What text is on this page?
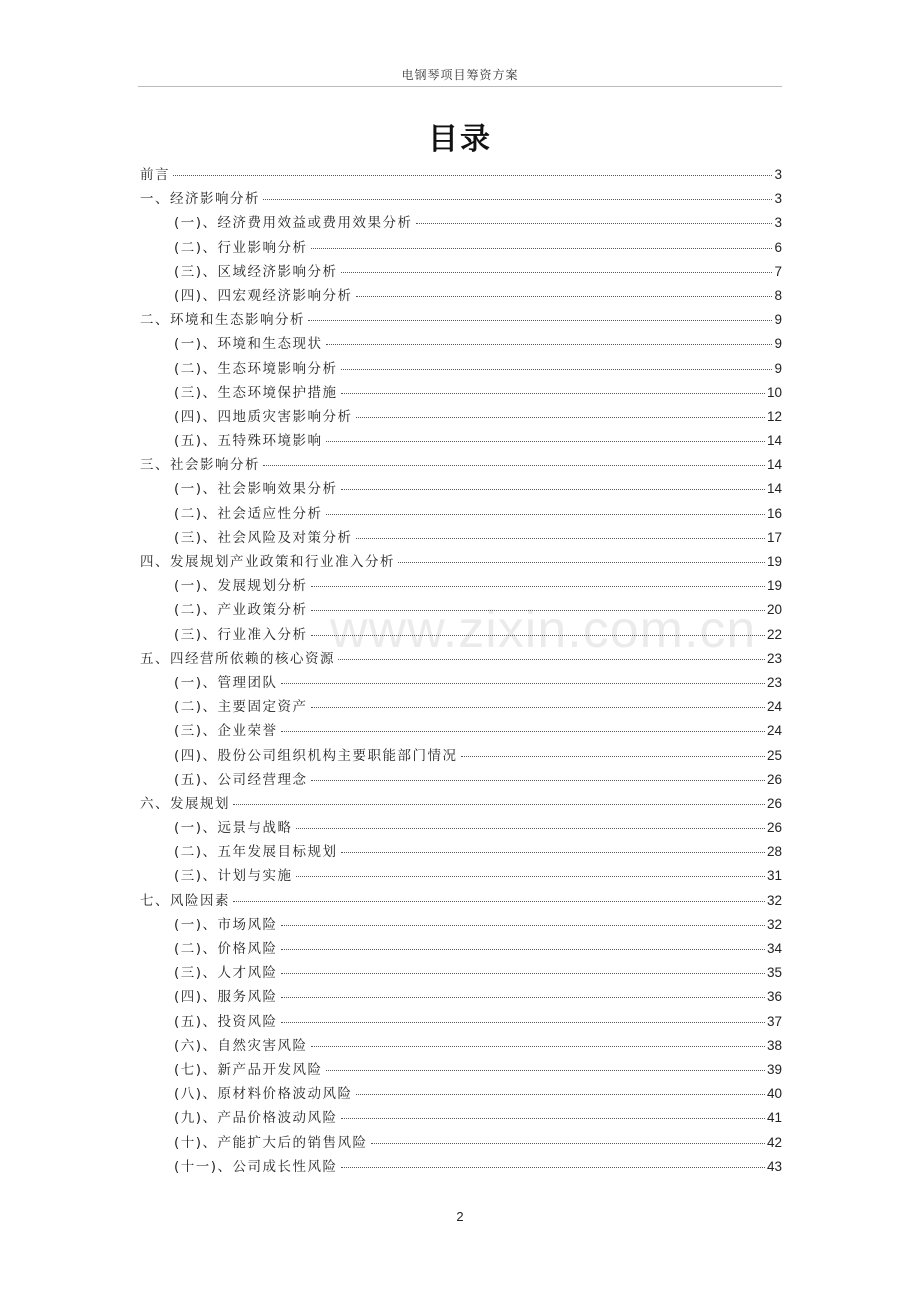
电钢琴项目筹资方案
目录
www.zixin.com.cn
前言	3
一、经济影响分析	3
(一)、经济费用效益或费用效果分析	3
(二)、行业影响分析	6
(三)、区域经济影响分析	7
(四)、四宏观经济影响分析	8
二、环境和生态影响分析	9
(一)、环境和生态现状	9
(二)、生态环境影响分析	9
(三)、生态环境保护措施	10
(四)、四地质灾害影响分析	12
(五)、五特殊环境影响	14
三、社会影响分析	14
(一)、社会影响效果分析	14
(二)、社会适应性分析	16
(三)、社会风险及对策分析	17
四、发展规划产业政策和行业准入分析	19
(一)、发展规划分析	19
(二)、产业政策分析	20
(三)、行业准入分析	22
五、四经营所依赖的核心资源	23
(一)、管理团队	23
(二)、主要固定资产	24
(三)、企业荣誉	24
(四)、股份公司组织机构主要职能部门情况	25
(五)、公司经营理念	26
六、发展规划	26
(一)、远景与战略	26
(二)、五年发展目标规划	28
(三)、计划与实施	31
七、风险因素	32
(一)、市场风险	32
(二)、价格风险	34
(三)、人才风险	35
(四)、服务风险	36
(五)、投资风险	37
(六)、自然灾害风险	38
(七)、新产品开发风险	39
(八)、原材料价格波动风险	40
(九)、产品价格波动风险	41
(十)、产能扩大后的销售风险	42
(十一)、公司成长性风险	43
2
